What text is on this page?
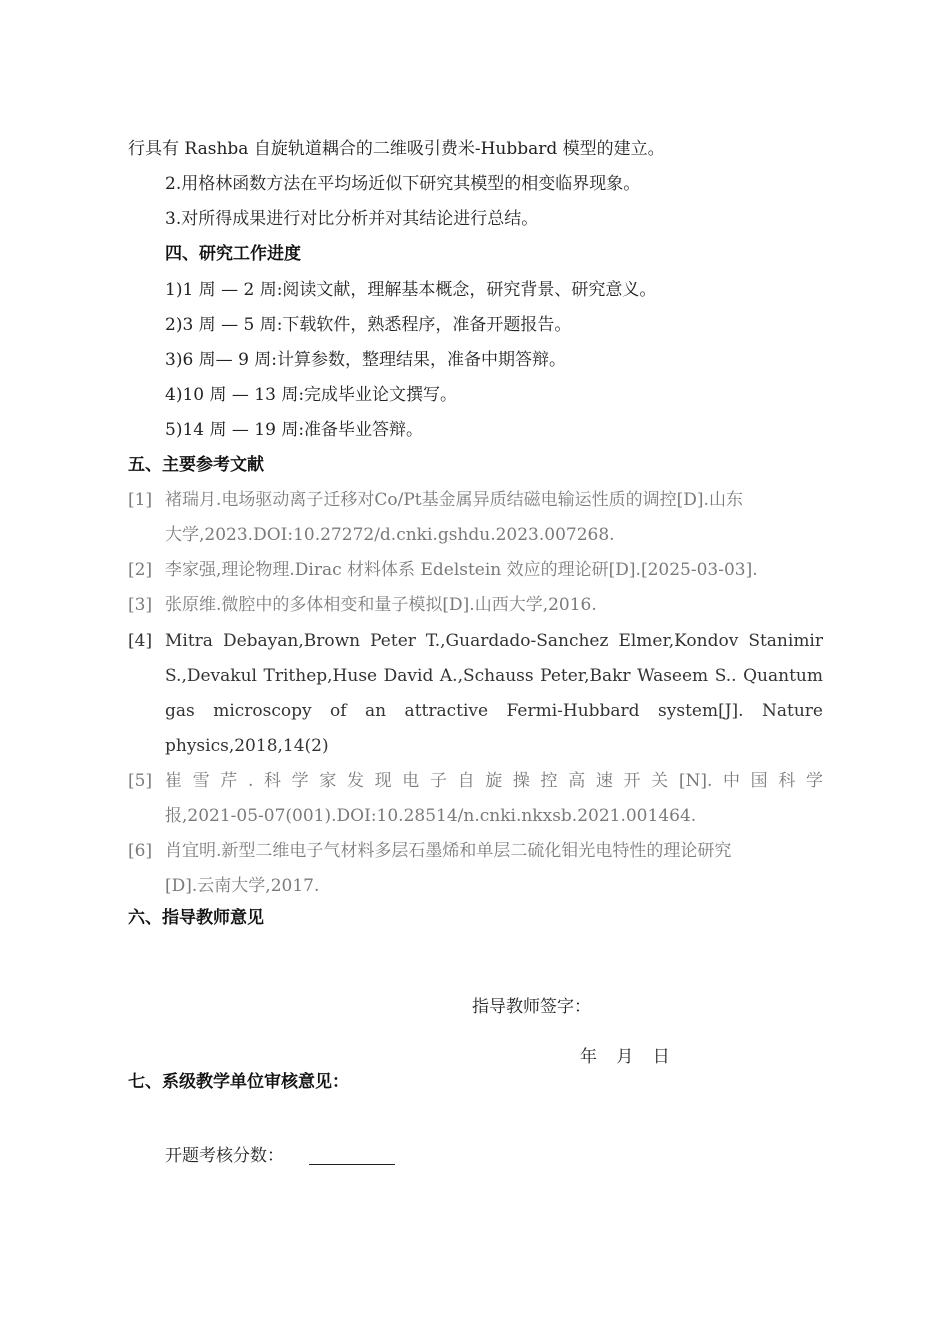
行具有 Rashba 自旋轨道耦合的二维吸引费米-Hubbard 模型的建立。
2.用格林函数方法在平均场近似下研究其模型的相变临界现象。
3.对所得成果进行对比分析并对其结论进行总结。
四、研究工作进度
1)1 周 — 2 周:阅读文献，理解基本概念，研究背景、研究意义。
2)3 周 — 5 周:下载软件，熟悉程序，准备开题报告。
3)6 周— 9 周:计算参数，整理结果，准备中期答辩。
4)10 周 — 13 周:完成毕业论文撰写。
5)14 周 — 19 周:准备毕业答辩。
五、主要参考文献
[1] 褚瑞月.电场驱动离子迁移对Co/Pt基金属异质结磁电输运性质的调控[D].山东
大学,2023.DOI:10.27272/d.cnki.gshdu.2023.007268.
[2] 李家强,理论物理.Dirac 材料体系 Edelstein 效应的理论研[D].[2025-03-03].
[3] 张原维.微腔中的多体相变和量子模拟[D].山西大学,2016.
[4] Mitra Debayan,Brown Peter T.,Guardado-Sanchez Elmer,Kondov Stanimir
S.,Devakul Trithep,Huse David A.,Schauss Peter,Bakr Waseem S.. Quantum
gas microscopy of an attractive Fermi-Hubbard system[J]. Nature
physics,2018,14(2)
[5] 崔雪芹.科学家发现电子自旋操控高速开关[N].中国科学
报,2021-05-07(001).DOI:10.28514/n.cnki.nkxsb.2021.001464.
[6] 肖宜明.新型二维电子气材料多层石墨烯和单层二硫化钼光电特性的理论研究
[D].云南大学,2017.
六、指导教师意见
指导教师签字：
年 月 日
七、系级教学单位审核意见：
开题考核分数：
